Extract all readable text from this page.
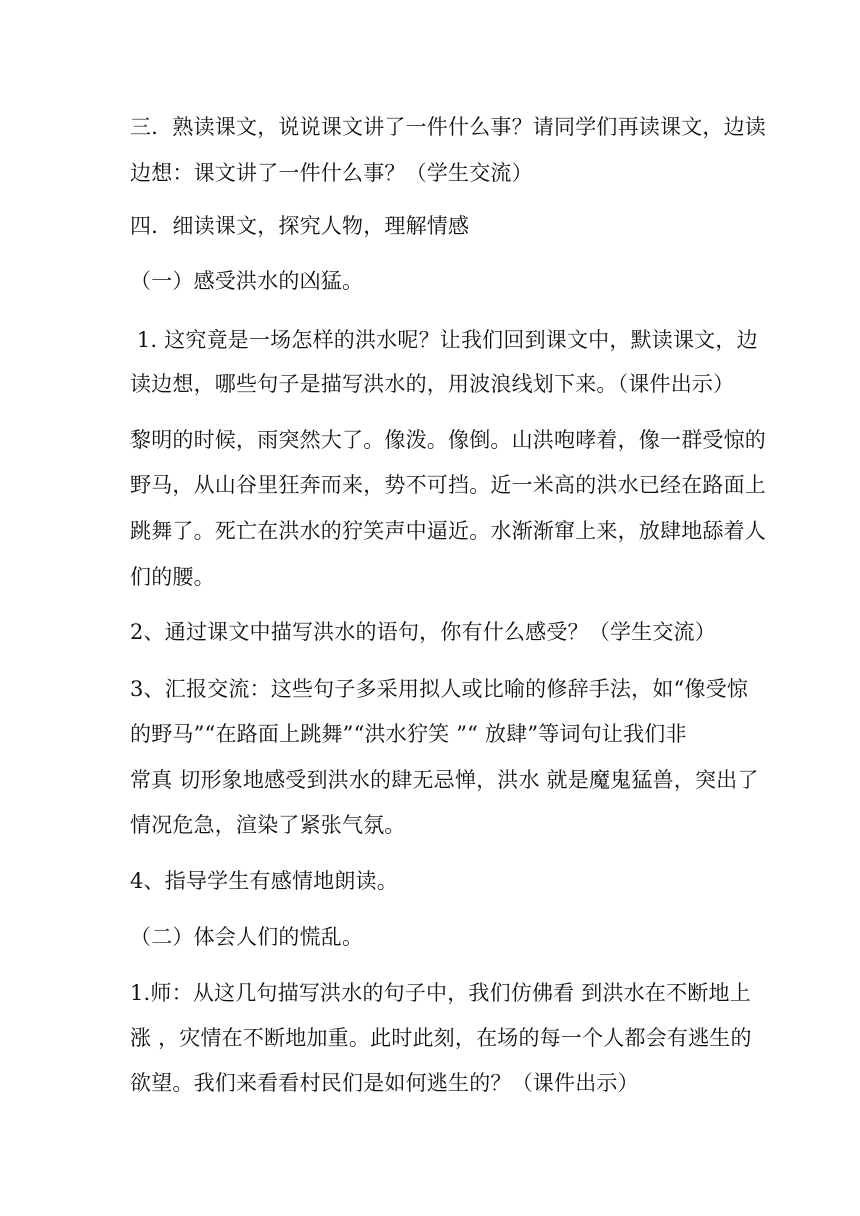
三．熟读课文，说说课文讲了一件什么事？请同学们再读课文，边读
边想：课文讲了一件什么事？（学生交流）
四．细读课文，探究人物，理解情感
（一）感受洪水的凶猛。
1. 这究竟是一场怎样的洪水呢？让我们回到课文中，默读课文，边
读边想，哪些句子是描写洪水的，用波浪线划下来。（课件出示）
黎明的时候，雨突然大了。像泼。像倒。山洪咆哮着，像一群受惊的
野马，从山谷里狂奔而来，势不可挡。近一米高的洪水已经在路面上
跳舞了。死亡在洪水的狞笑声中逼近。水渐渐窜上来，放肆地舔着人
们的腰。
2、通过课文中描写洪水的语句，你有什么感受？（学生交流）
3、汇报交流：这些句子多采用拟人或比喻的修辞手法，如“像受惊
的野马”“在路面上跳舞”“洪水狞笑 ”“ 放肆”等词句让我们非
常真 切形象地感受到洪水的肆无忌惮，洪水 就是魔鬼猛兽，突出了
情况危急，渲染了紧张气氛。
4、指导学生有感情地朗读。
（二）体会人们的慌乱。
1.师：从这几句描写洪水的句子中，我们仿佛看 到洪水在不断地上
涨 ，灾情在不断地加重。此时此刻，在场的每一个人都会有逃生的
欲望。我们来看看村民们是如何逃生的？（课件出示）
